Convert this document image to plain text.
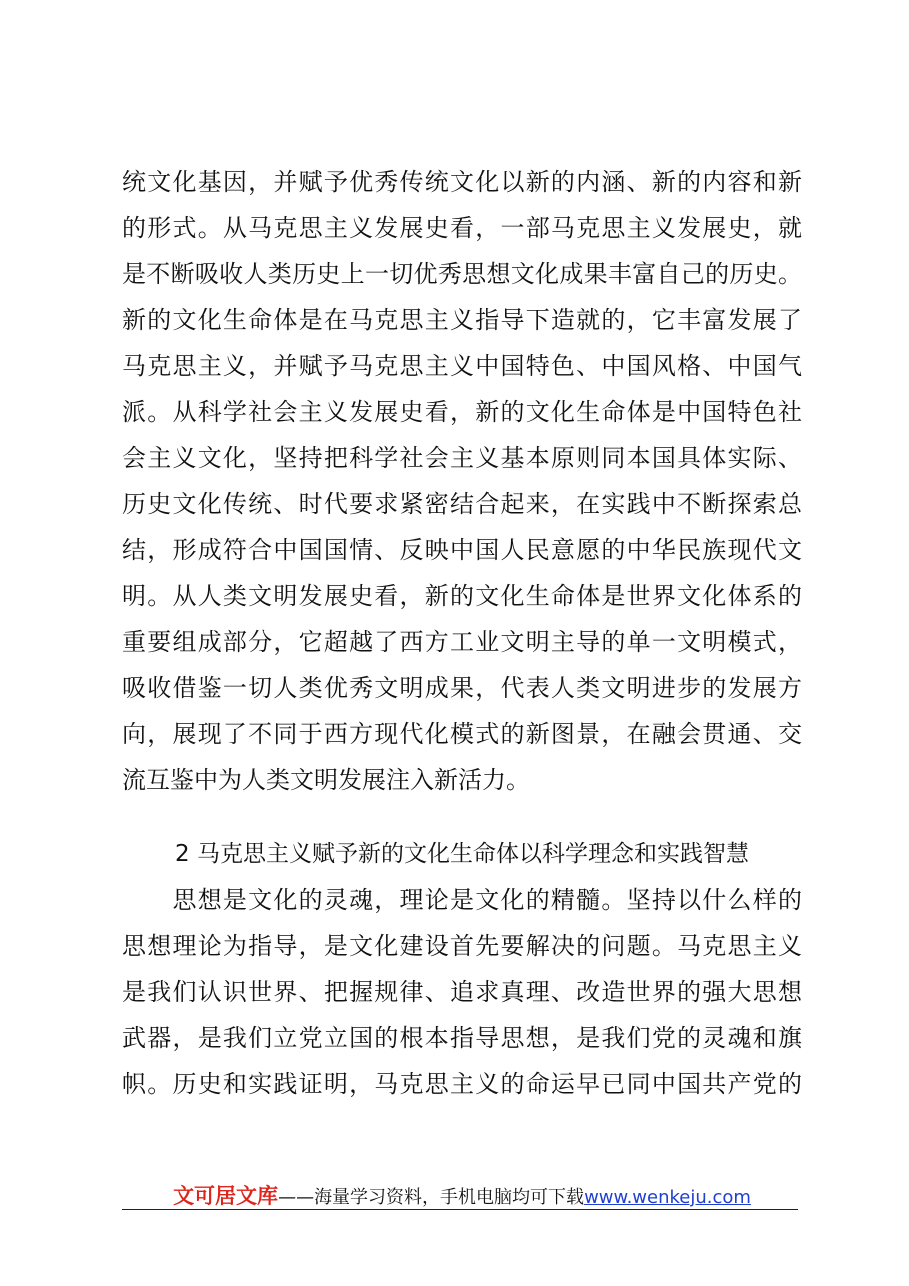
统文化基因，并赋予优秀传统文化以新的内涵、新的内容和新
的形式。从马克思主义发展史看，一部马克思主义发展史，就
是不断吸收人类历史上一切优秀思想文化成果丰富自己的历史。
新的文化生命体是在马克思主义指导下造就的，它丰富发展了
马克思主义，并赋予马克思主义中国特色、中国风格、中国气
派。从科学社会主义发展史看，新的文化生命体是中国特色社
会主义文化，坚持把科学社会主义基本原则同本国具体实际、
历史文化传统、时代要求紧密结合起来，在实践中不断探索总
结，形成符合中国国情、反映中国人民意愿的中华民族现代文
明。从人类文明发展史看，新的文化生命体是世界文化体系的
重要组成部分，它超越了西方工业文明主导的单一文明模式，
吸收借鉴一切人类优秀文明成果，代表人类文明进步的发展方
向，展现了不同于西方现代化模式的新图景，在融会贯通、交
流互鉴中为人类文明发展注入新活力。
2 马克思主义赋予新的文化生命体以科学理念和实践智慧
　　思想是文化的灵魂，理论是文化的精髓。坚持以什么样的
思想理论为指导，是文化建设首先要解决的问题。马克思主义
是我们认识世界、把握规律、追求真理、改造世界的强大思想
武器，是我们立党立国的根本指导思想，是我们党的灵魂和旗
帜。历史和实践证明，马克思主义的命运早已同中国共产党的
文可居文库——海量学习资料，手机电脑均可下载www.wenkeju.com
